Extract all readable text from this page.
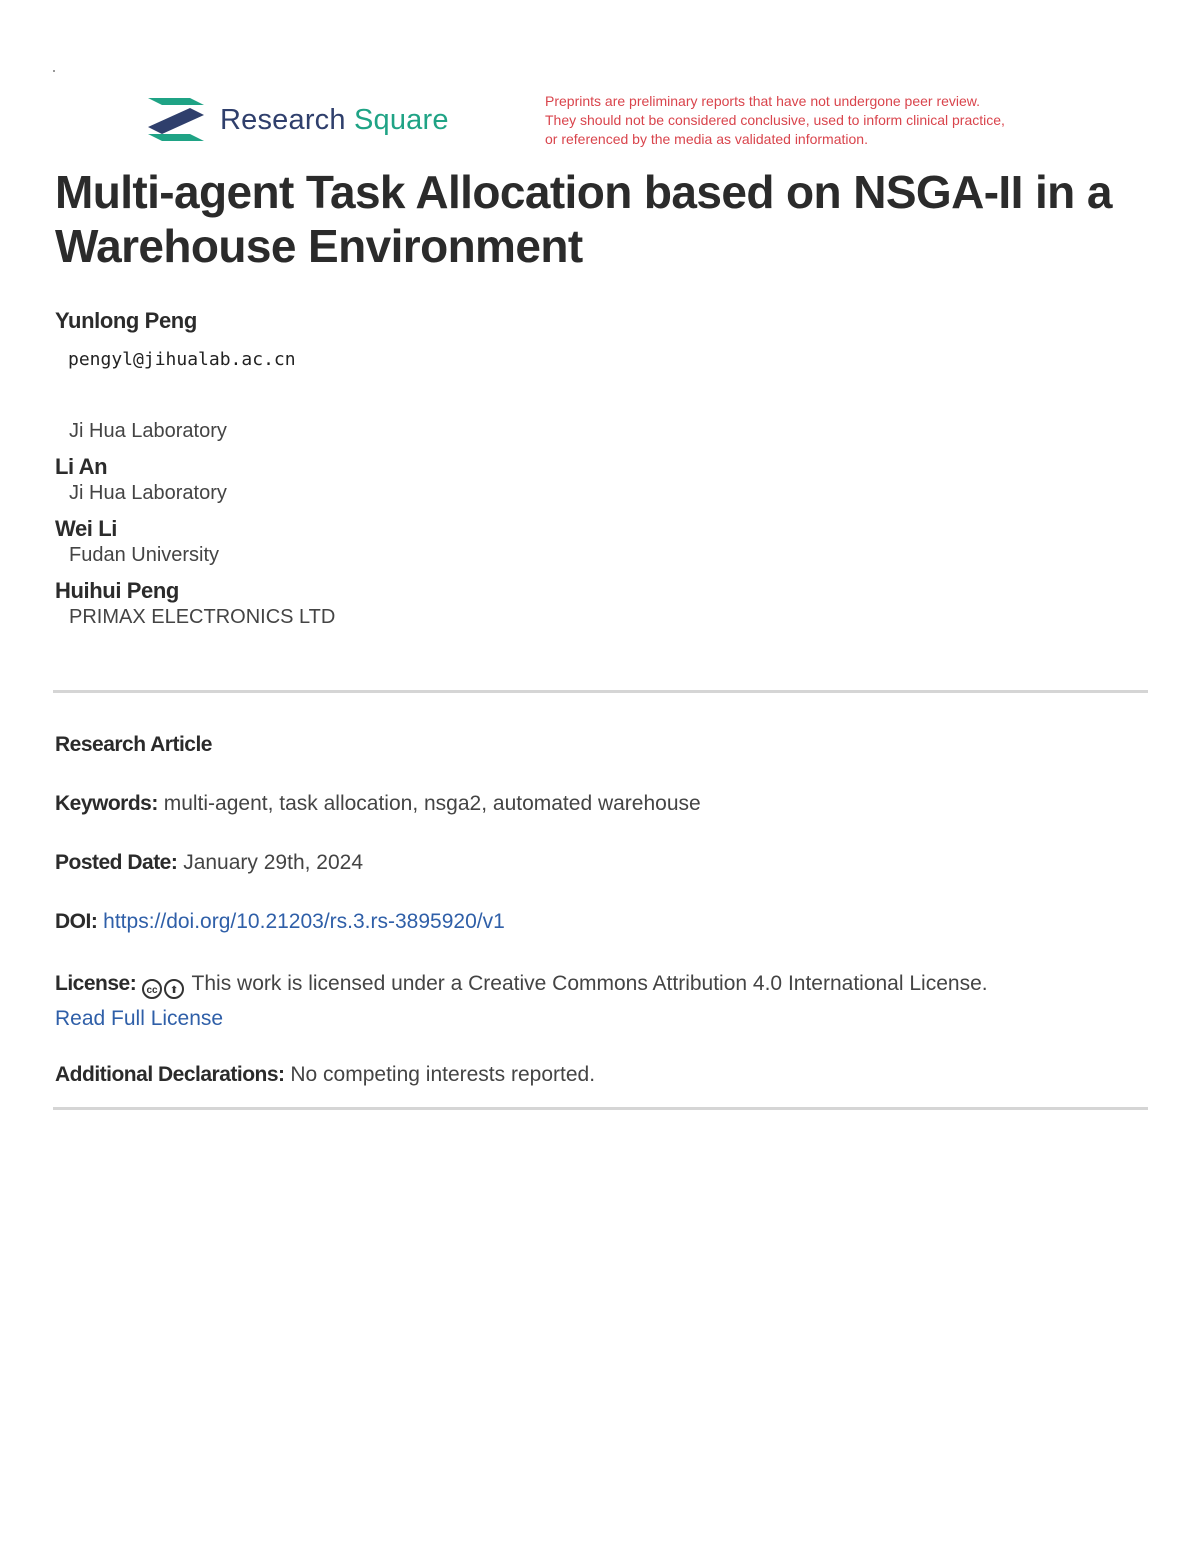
Research Square
Preprints are preliminary reports that have not undergone peer review.
They should not be considered conclusive, used to inform clinical practice,
or referenced by the media as validated information.
Multi-agent Task Allocation based on NSGA-II in a Warehouse Environment
Yunlong Peng
pengyl@jihualab.ac.cn
Ji Hua Laboratory
Li An
Ji Hua Laboratory
Wei Li
Fudan University
Huihui Peng
PRIMAX ELECTRONICS LTD
Research Article
Keywords: multi-agent, task allocation, nsga2, automated warehouse
Posted Date: January 29th, 2024
DOI: https://doi.org/10.21203/rs.3.rs-3895920/v1
License: cc ⬆ This work is licensed under a Creative Commons Attribution 4.0 International License.
Read Full License
Additional Declarations: No competing interests reported.
